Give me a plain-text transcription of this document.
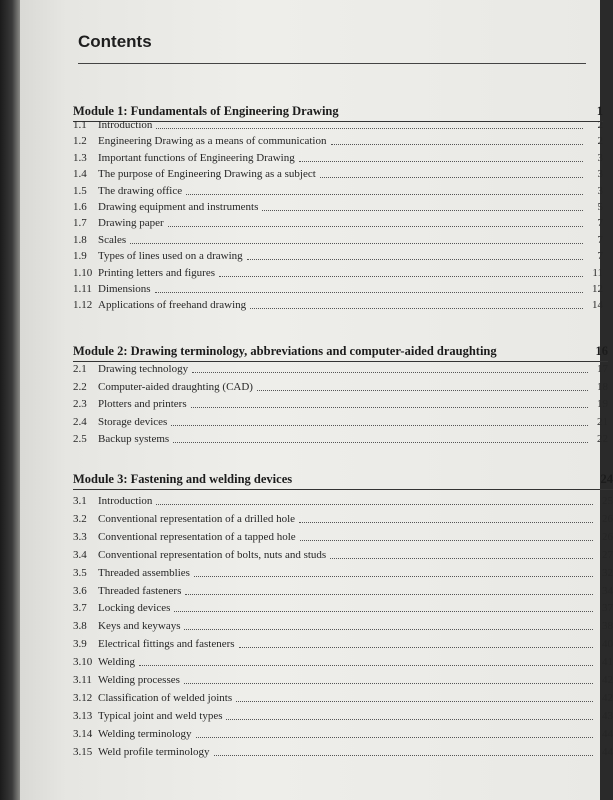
Contents
Module 1: Fundamentals of Engineering Drawing	1
1.1 Introduction	2
1.2 Engineering Drawing as a means of communication	2
1.3 Important functions of Engineering Drawing	3
1.4 The purpose of Engineering Drawing as a subject	3
1.5 The drawing office	3
1.6 Drawing equipment and instruments	5
1.7 Drawing paper	7
1.8 Scales	7
1.9 Types of lines used on a drawing	7
1.10 Printing letters and figures	11
1.11 Dimensions	12
1.12 Applications of freehand drawing	14
Module 2: Drawing terminology, abbreviations and computer-aided draughting	16
2.1 Drawing technology	17
2.2 Computer-aided draughting (CAD)	18
2.3 Plotters and printers	19
2.4 Storage devices	21
2.5 Backup systems	22
Module 3: Fastening and welding devices	24
3.1 Introduction	25
3.2 Conventional representation of a drilled hole	26
3.3 Conventional representation of a tapped hole	26
3.4 Conventional representation of bolts, nuts and studs	27
3.5 Threaded assemblies	32
3.6 Threaded fasteners	34
3.7 Locking devices	37
3.8 Keys and keyways	38
3.9 Electrical fittings and fasteners	40
3.10 Welding	41
3.11 Welding processes	42
3.12 Classification of welded joints	42
3.13 Typical joint and weld types	43
3.14 Welding terminology	44
3.15 Weld profile terminology	44
